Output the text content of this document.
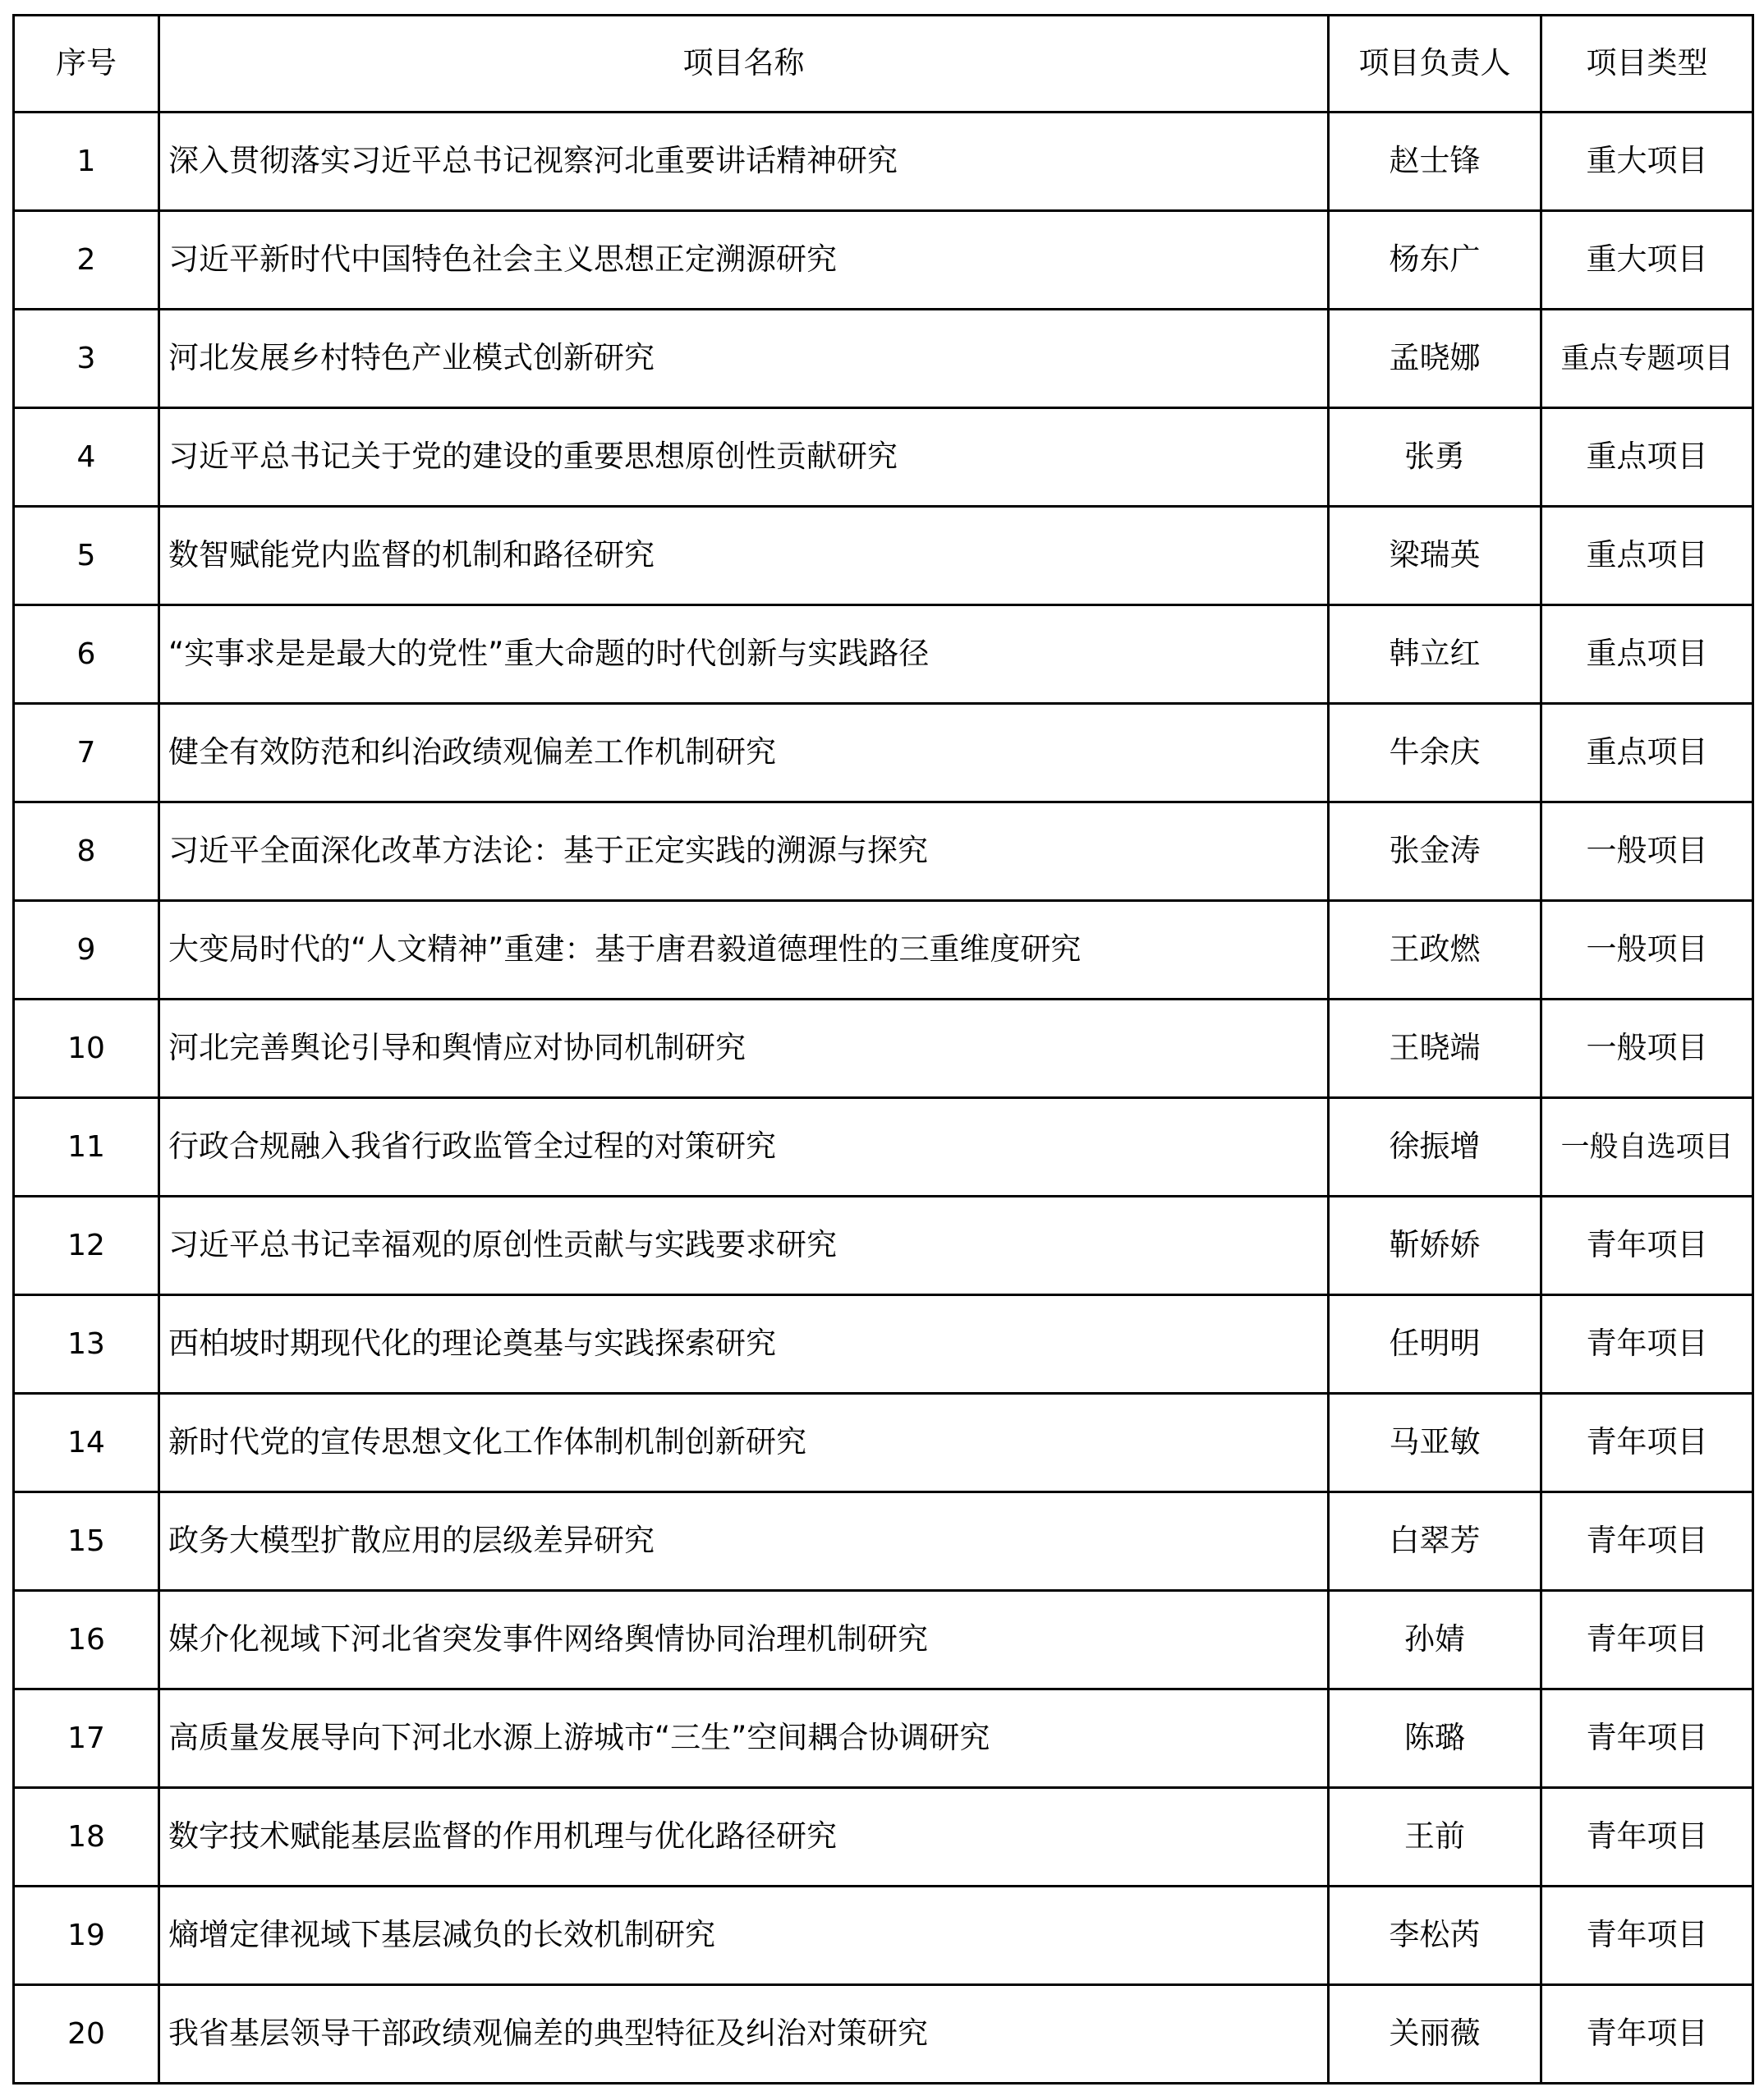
序号	项目名称	项目负责人	项目类型
1	深入贯彻落实习近平总书记视察河北重要讲话精神研究	赵士锋	重大项目
2	习近平新时代中国特色社会主义思想正定溯源研究	杨东广	重大项目
3	河北发展乡村特色产业模式创新研究	孟晓娜	重点专题项目
4	习近平总书记关于党的建设的重要思想原创性贡献研究	张勇	重点项目
5	数智赋能党内监督的机制和路径研究	梁瑞英	重点项目
6	“实事求是是最大的党性”重大命题的时代创新与实践路径	韩立红	重点项目
7	健全有效防范和纠治政绩观偏差工作机制研究	牛余庆	重点项目
8	习近平全面深化改革方法论：基于正定实践的溯源与探究	张金涛	一般项目
9	大变局时代的“人文精神”重建：基于唐君毅道德理性的三重维度研究	王政燃	一般项目
10	河北完善舆论引导和舆情应对协同机制研究	王晓端	一般项目
11	行政合规融入我省行政监管全过程的对策研究	徐振增	一般自选项目
12	习近平总书记幸福观的原创性贡献与实践要求研究	靳娇娇	青年项目
13	西柏坡时期现代化的理论奠基与实践探索研究	任明明	青年项目
14	新时代党的宣传思想文化工作体制机制创新研究	马亚敏	青年项目
15	政务大模型扩散应用的层级差异研究	白翠芳	青年项目
16	媒介化视域下河北省突发事件网络舆情协同治理机制研究	孙婧	青年项目
17	高质量发展导向下河北水源上游城市“三生”空间耦合协调研究	陈璐	青年项目
18	数字技术赋能基层监督的作用机理与优化路径研究	王前	青年项目
19	熵增定律视域下基层减负的长效机制研究	李松芮	青年项目
20	我省基层领导干部政绩观偏差的典型特征及纠治对策研究	关丽薇	青年项目
